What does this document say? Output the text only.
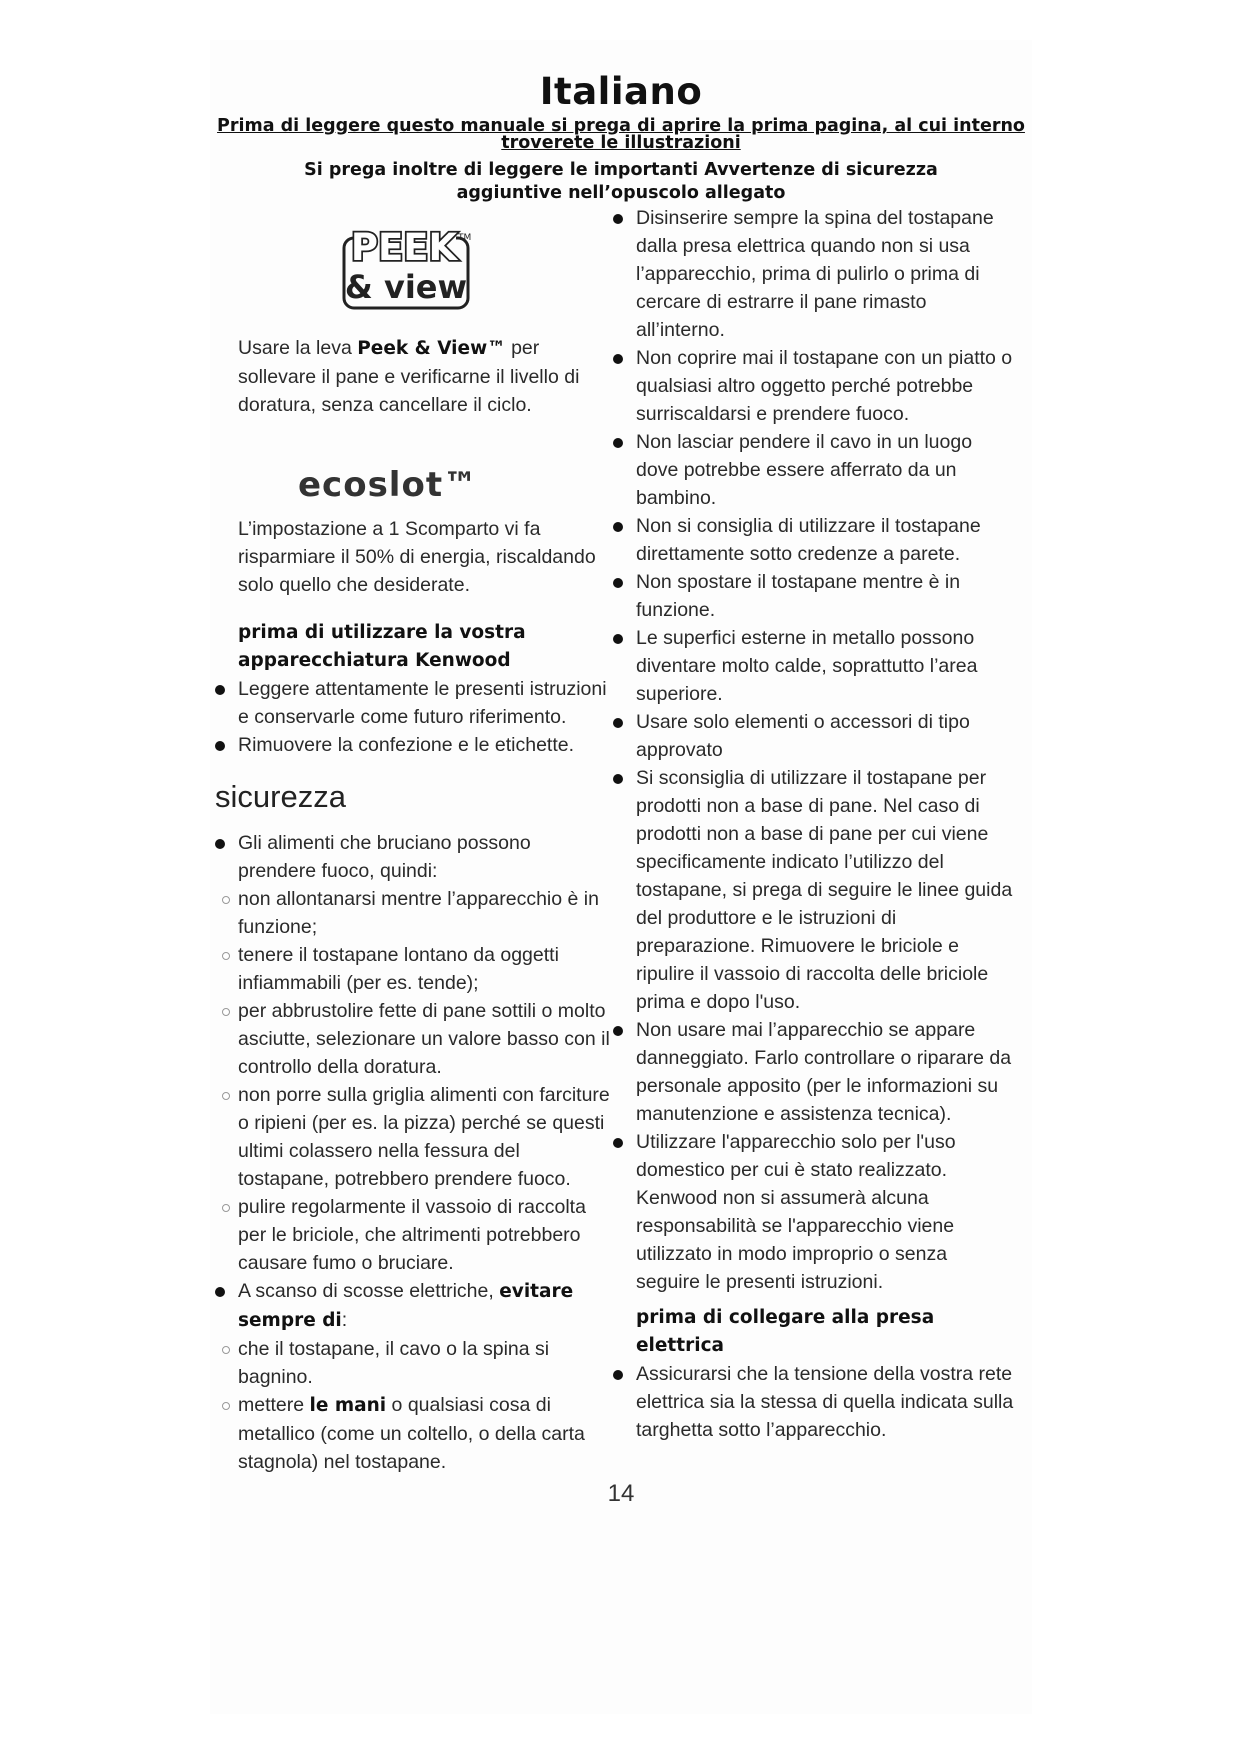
Italiano

Prima di leggere questo manuale si prega di aprire la prima pagina, al cui interno troverete le illustrazioni

Si prega inoltre di leggere le importanti Avvertenze di sicurezza
aggiuntive nell’opuscolo allegato

PEEK TM
& view

Usare la leva Peek & View™ per sollevare il pane e verificarne il livello di doratura, senza cancellare il ciclo.

ecoslot™

L’impostazione a 1 Scomparto vi fa risparmiare il 50% di energia, riscaldando solo quello che desiderate.

prima di utilizzare la vostra apparecchiatura Kenwood

Leggere attentamente le presenti istruzioni e conservarle come futuro riferimento.
Rimuovere la confezione e le etichette.
sicurezza
Gli alimenti che bruciano possono prendere fuoco, quindi:
non allontanarsi mentre l’apparecchio è in funzione;
tenere il tostapane lontano da oggetti infiammabili (per es. tende);
per abbrustolire fette di pane sottili o molto asciutte, selezionare un valore basso con il controllo della doratura.
non porre sulla griglia alimenti con farciture o ripieni (per es. la pizza) perché se questi ultimi colassero nella fessura del tostapane, potrebbero prendere fuoco.
pulire regolarmente il vassoio di raccolta per le briciole, che altrimenti potrebbero causare fumo o bruciare.
A scanso di scosse elettriche, evitare sempre di:
che il tostapane, il cavo o la spina si bagnino.
mettere le mani o qualsiasi cosa di metallico (come un coltello, o della carta stagnola) nel tostapane.
Disinserire sempre la spina del tostapane dalla presa elettrica quando non si usa l’apparecchio, prima di pulirlo o prima di cercare di estrarre il pane rimasto all’interno.
Non coprire mai il tostapane con un piatto o qualsiasi altro oggetto perché potrebbe surriscaldarsi e prendere fuoco.
Non lasciar pendere il cavo in un luogo dove potrebbe essere afferrato da un bambino.
Non si consiglia di utilizzare il tostapane direttamente sotto credenze a parete.
Non spostare il tostapane mentre è in funzione.
Le superfici esterne in metallo possono diventare molto calde, soprattutto l’area superiore.
Usare solo elementi o accessori di tipo approvato
Si sconsiglia di utilizzare il tostapane per prodotti non a base di pane. Nel caso di prodotti non a base di pane per cui viene specificamente indicato l’utilizzo del tostapane, si prega di seguire le linee guida del produttore e le istruzioni di preparazione. Rimuovere le briciole e ripulire il vassoio di raccolta delle briciole prima e dopo l'uso.
Non usare mai l’apparecchio se appare danneggiato. Farlo controllare o riparare da personale apposito (per le informazioni su manutenzione e assistenza tecnica).
Utilizzare l'apparecchio solo per l'uso domestico per cui è stato realizzato. Kenwood non si assumerà alcuna responsabilità se l'apparecchio viene utilizzato in modo improprio o senza seguire le presenti istruzioni.

prima di collegare alla presa elettrica

Assicurarsi che la tensione della vostra rete elettrica sia la stessa di quella indicata sulla targhetta sotto l’apparecchio.
14
